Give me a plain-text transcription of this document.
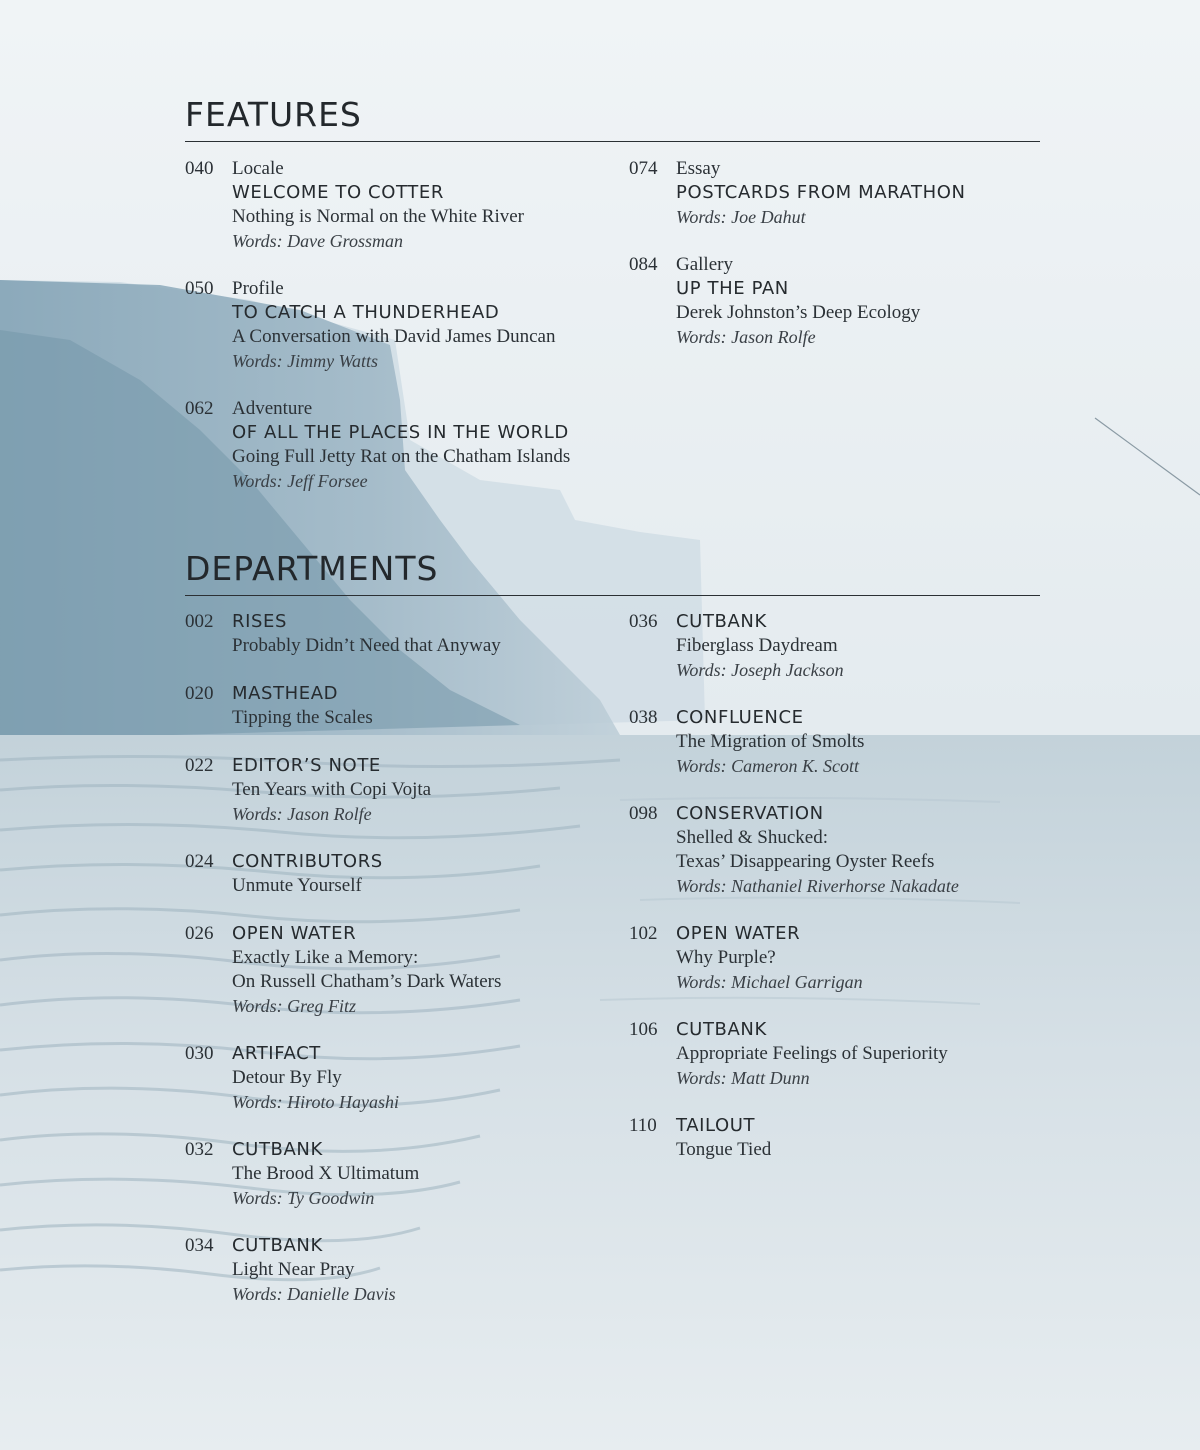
FEATURES
040 Locale
WELCOME TO COTTER
Nothing is Normal on the White River
Words: Dave Grossman
050 Profile
TO CATCH A THUNDERHEAD
A Conversation with David James Duncan
Words: Jimmy Watts
062 Adventure
OF ALL THE PLACES IN THE WORLD
Going Full Jetty Rat on the Chatham Islands
Words: Jeff Forsee
074 Essay
POSTCARDS FROM MARATHON
Words: Joe Dahut
084 Gallery
UP THE PAN
Derek Johnston’s Deep Ecology
Words: Jason Rolfe
DEPARTMENTS
002 RISES
Probably Didn’t Need that Anyway
020 MASTHEAD
Tipping the Scales
022 EDITOR’S NOTE
Ten Years with Copi Vojta
Words: Jason Rolfe
024 CONTRIBUTORS
Unmute Yourself
026 OPEN WATER
Exactly Like a Memory:
On Russell Chatham’s Dark Waters
Words: Greg Fitz
030 ARTIFACT
Detour By Fly
Words: Hiroto Hayashi
032 CUTBANK
The Brood X Ultimatum
Words: Ty Goodwin
034 CUTBANK
Light Near Pray
Words: Danielle Davis
036 CUTBANK
Fiberglass Daydream
Words: Joseph Jackson
038 CONFLUENCE
The Migration of Smolts
Words: Cameron K. Scott
098 CONSERVATION
Shelled & Shucked:
Texas’ Disappearing Oyster Reefs
Words: Nathaniel Riverhorse Nakadate
102 OPEN WATER
Why Purple?
Words: Michael Garrigan
106 CUTBANK
Appropriate Feelings of Superiority
Words: Matt Dunn
110 TAILOUT
Tongue Tied
